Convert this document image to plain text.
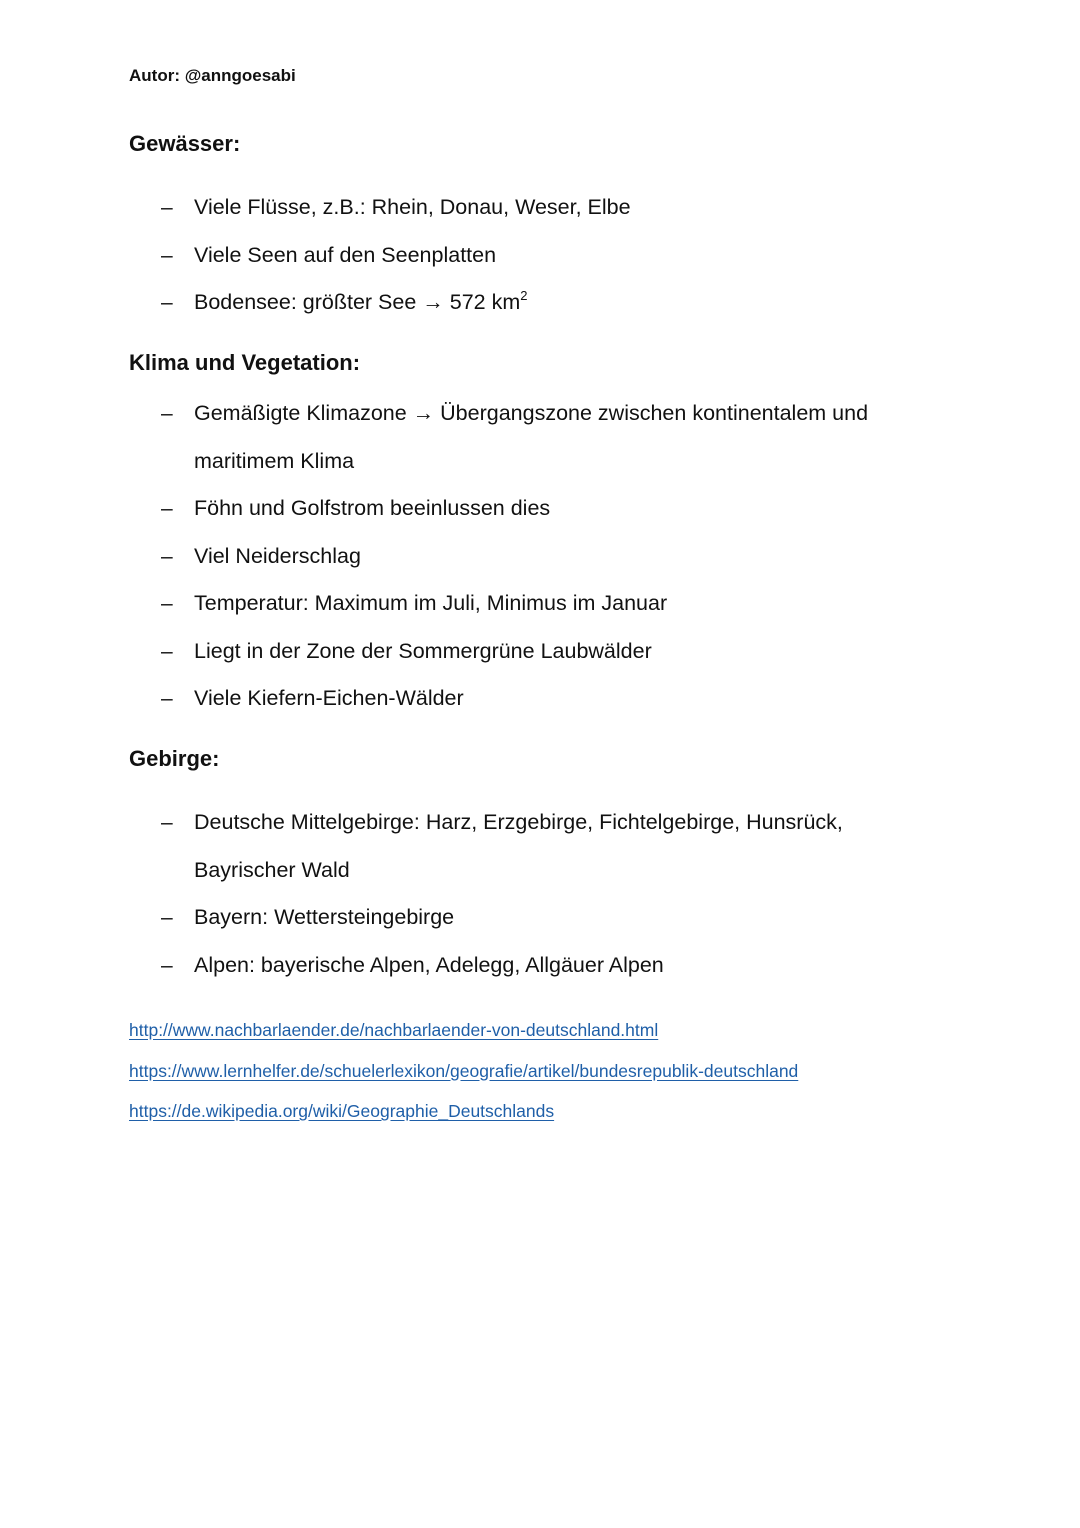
Autor: @anngoesabi
Gewässer:
– Viele Flüsse, z.B.: Rhein, Donau, Weser, Elbe
– Viele Seen auf den Seenplatten
– Bodensee: größter See → 572 $km^2$
Klima und Vegetation:
– Gemäßigte Klimazone → Übergangszone zwischen kontinentalem und
maritimem Klima
– Föhn und Golfstrom beeinlussen dies
– Viel Neiderschlag
– Temperatur: Maximum im Juli, Minimus im Januar
– Liegt in der Zone der Sommergrüne Laubwälder
– Viele Kiefern-Eichen-Wälder
Gebirge:
– Deutsche Mittelgebirge: Harz, Erzgebirge, Fichtelgebirge, Hunsrück,
Bayrischer Wald
– Bayern: Wettersteingebirge
– Alpen: bayerische Alpen, Adelegg, Allgäuer Alpen
http://www.nachbarlaender.de/nachbarlaender-von-deutschland.html
https://www.lernhelfer.de/schuelerlexikon/geografie/artikel/bundesrepublik-deutschland
https://de.wikipedia.org/wiki/Geographie_Deutschlands
